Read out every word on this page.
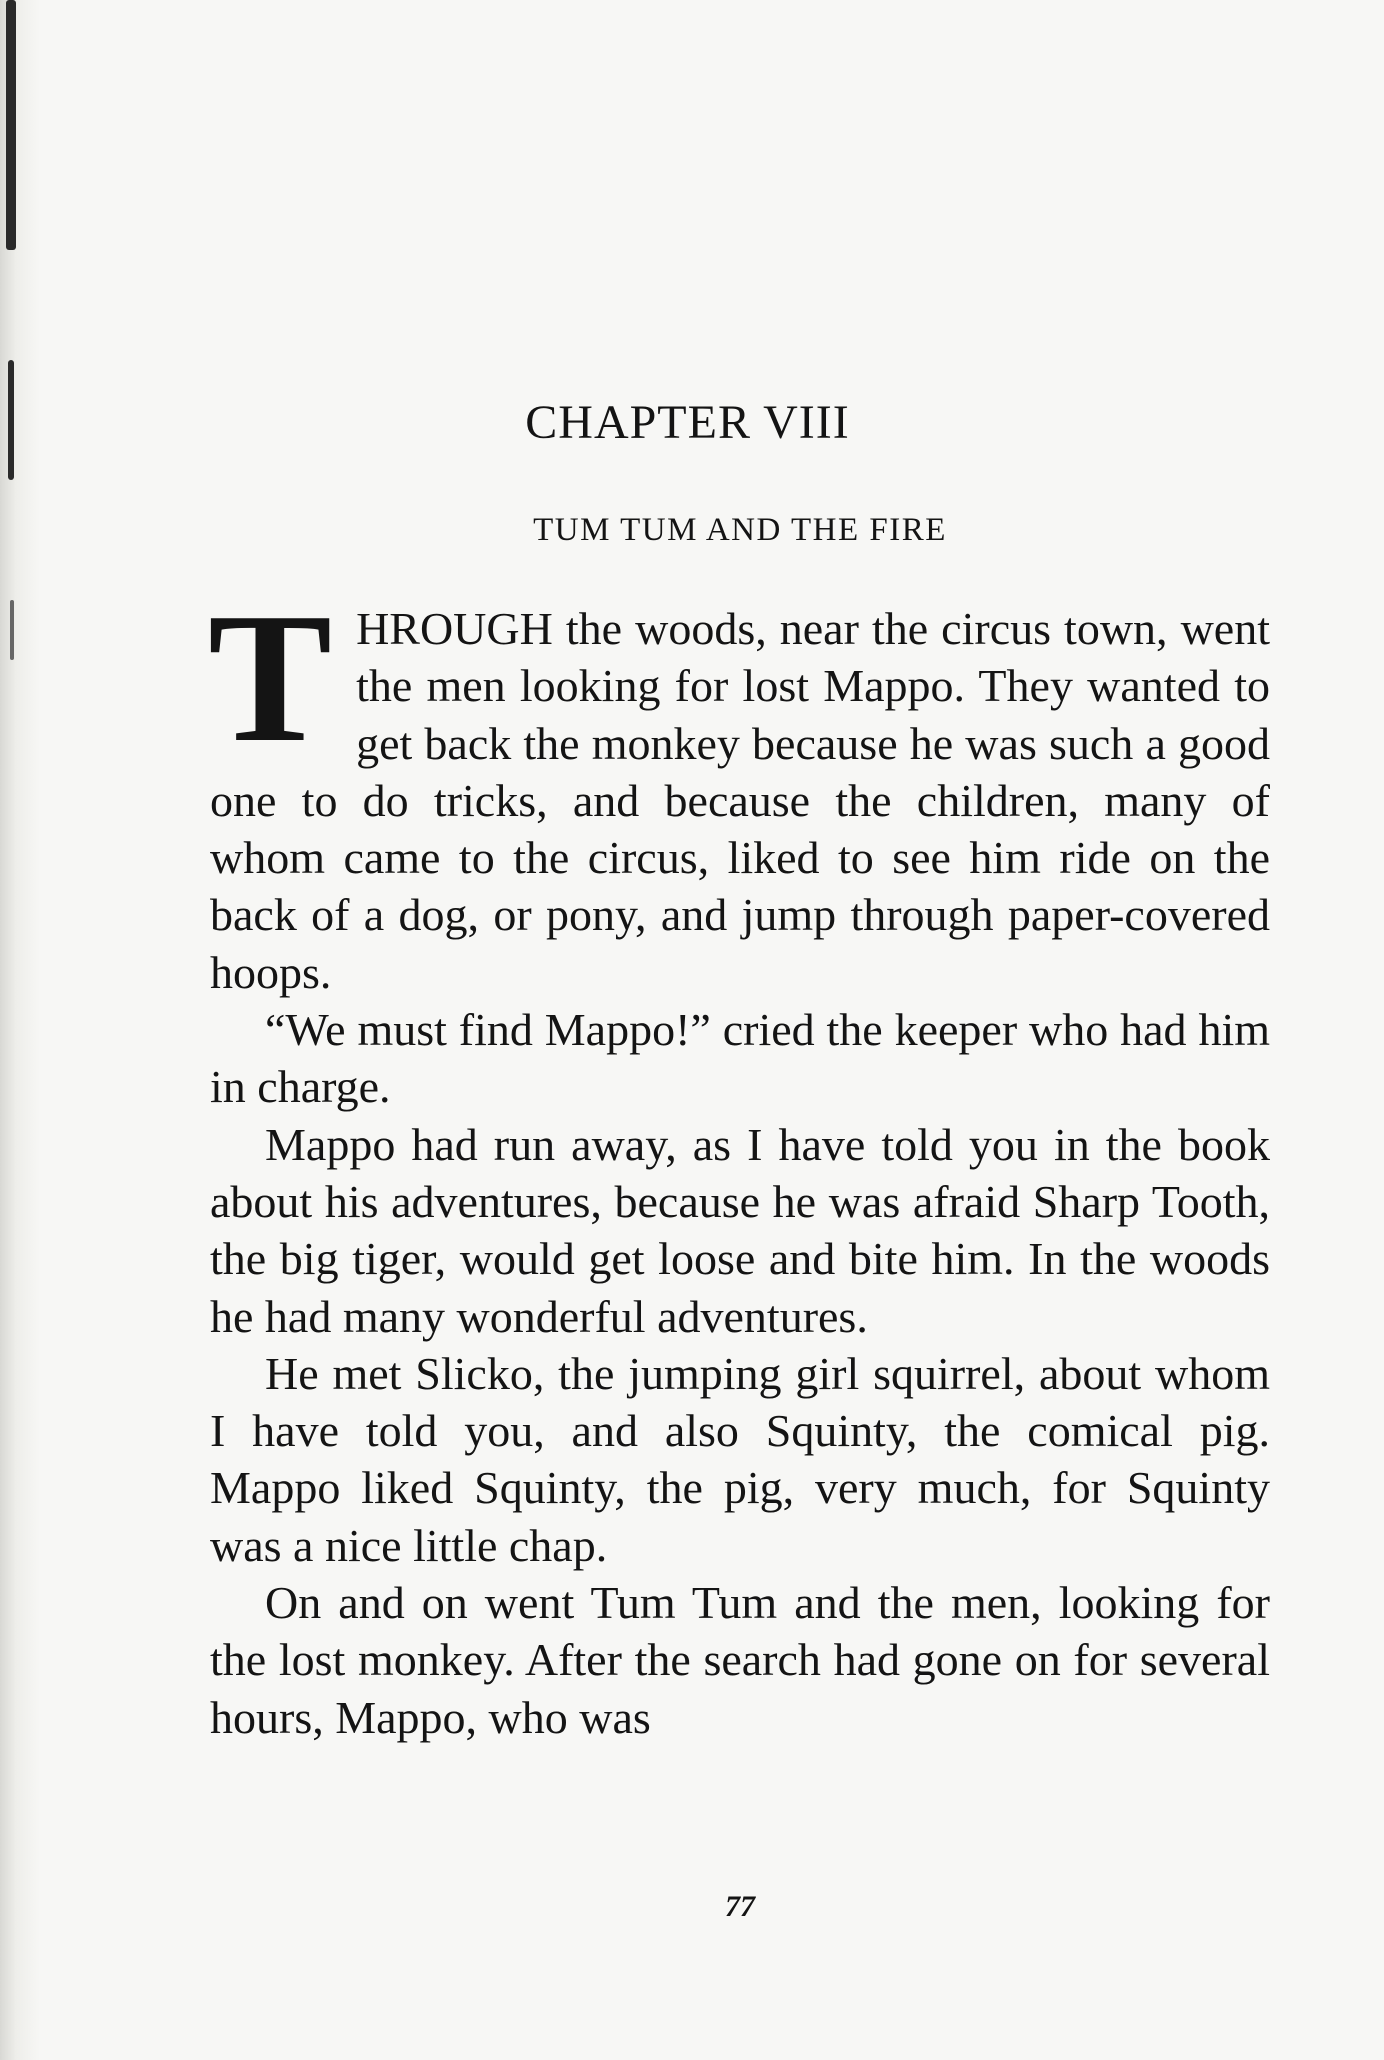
CHAPTER VIII
TUM TUM AND THE FIRE

THROUGH the woods, near the circus town, went the men looking for lost Mappo. They wanted to get back the monkey because he was such a good one to do tricks, and because the children, many of whom came to the circus, liked to see him ride on the back of a dog, or pony, and jump through paper-covered hoops.

“We must find Mappo!” cried the keeper who had him in charge.

Mappo had run away, as I have told you in the book about his adventures, because he was afraid Sharp Tooth, the big tiger, would get loose and bite him. In the woods he had many wonderful adventures.

He met Slicko, the jumping girl squirrel, about whom I have told you, and also Squinty, the comical pig. Mappo liked Squinty, the pig, very much, for Squinty was a nice little chap.

On and on went Tum Tum and the men, looking for the lost monkey. After the search had gone on for several hours, Mappo, who was

77
